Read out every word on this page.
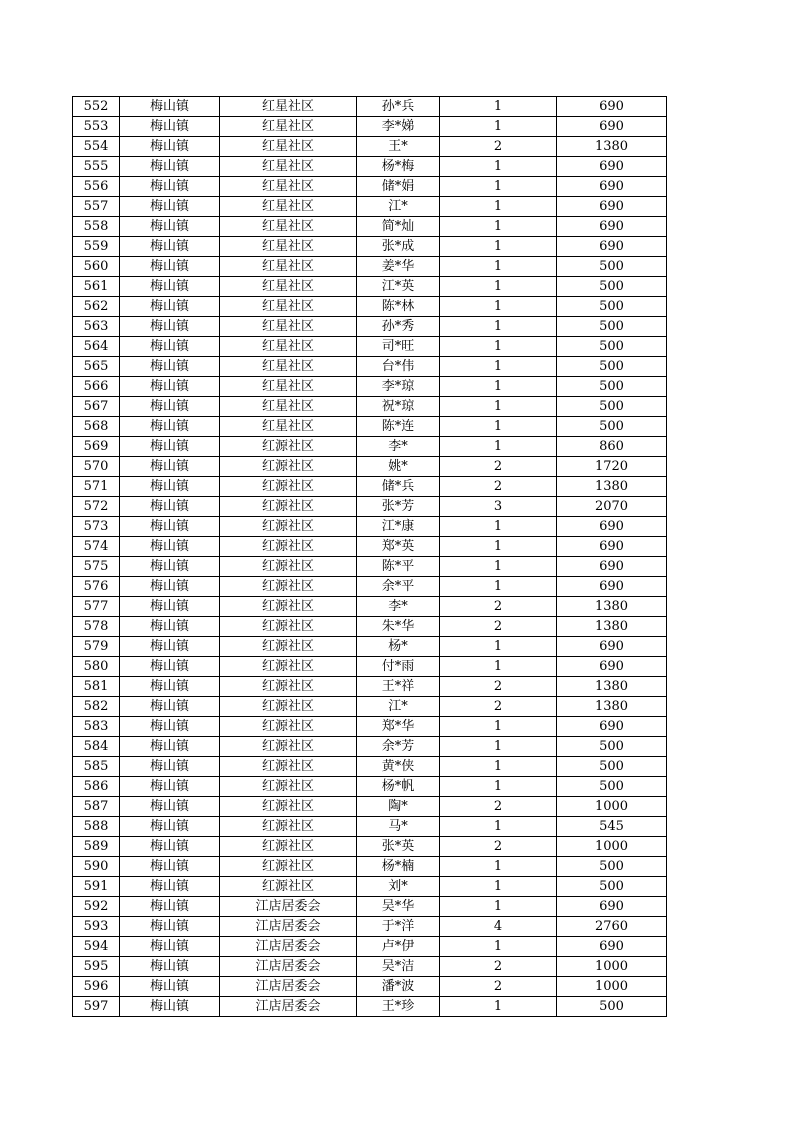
552	梅山镇	红星社区	孙*兵	1	690
553	梅山镇	红星社区	李*娣	1	690
554	梅山镇	红星社区	王*	2	1380
555	梅山镇	红星社区	杨*梅	1	690
556	梅山镇	红星社区	储*娟	1	690
557	梅山镇	红星社区	江*	1	690
558	梅山镇	红星社区	简*灿	1	690
559	梅山镇	红星社区	张*成	1	690
560	梅山镇	红星社区	姜*华	1	500
561	梅山镇	红星社区	江*英	1	500
562	梅山镇	红星社区	陈*林	1	500
563	梅山镇	红星社区	孙*秀	1	500
564	梅山镇	红星社区	司*旺	1	500
565	梅山镇	红星社区	台*伟	1	500
566	梅山镇	红星社区	李*琼	1	500
567	梅山镇	红星社区	祝*琼	1	500
568	梅山镇	红星社区	陈*连	1	500
569	梅山镇	红源社区	李*	1	860
570	梅山镇	红源社区	姚*	2	1720
571	梅山镇	红源社区	储*兵	2	1380
572	梅山镇	红源社区	张*芳	3	2070
573	梅山镇	红源社区	江*康	1	690
574	梅山镇	红源社区	郑*英	1	690
575	梅山镇	红源社区	陈*平	1	690
576	梅山镇	红源社区	余*平	1	690
577	梅山镇	红源社区	李*	2	1380
578	梅山镇	红源社区	朱*华	2	1380
579	梅山镇	红源社区	杨*	1	690
580	梅山镇	红源社区	付*雨	1	690
581	梅山镇	红源社区	王*祥	2	1380
582	梅山镇	红源社区	江*	2	1380
583	梅山镇	红源社区	郑*华	1	690
584	梅山镇	红源社区	余*芳	1	500
585	梅山镇	红源社区	黄*侠	1	500
586	梅山镇	红源社区	杨*帆	1	500
587	梅山镇	红源社区	陶*	2	1000
588	梅山镇	红源社区	马*	1	545
589	梅山镇	红源社区	张*英	2	1000
590	梅山镇	红源社区	杨*楠	1	500
591	梅山镇	红源社区	刘*	1	500
592	梅山镇	江店居委会	吴*华	1	690
593	梅山镇	江店居委会	于*洋	4	2760
594	梅山镇	江店居委会	卢*伊	1	690
595	梅山镇	江店居委会	吴*洁	2	1000
596	梅山镇	江店居委会	潘*波	2	1000
597	梅山镇	江店居委会	王*珍	1	500
